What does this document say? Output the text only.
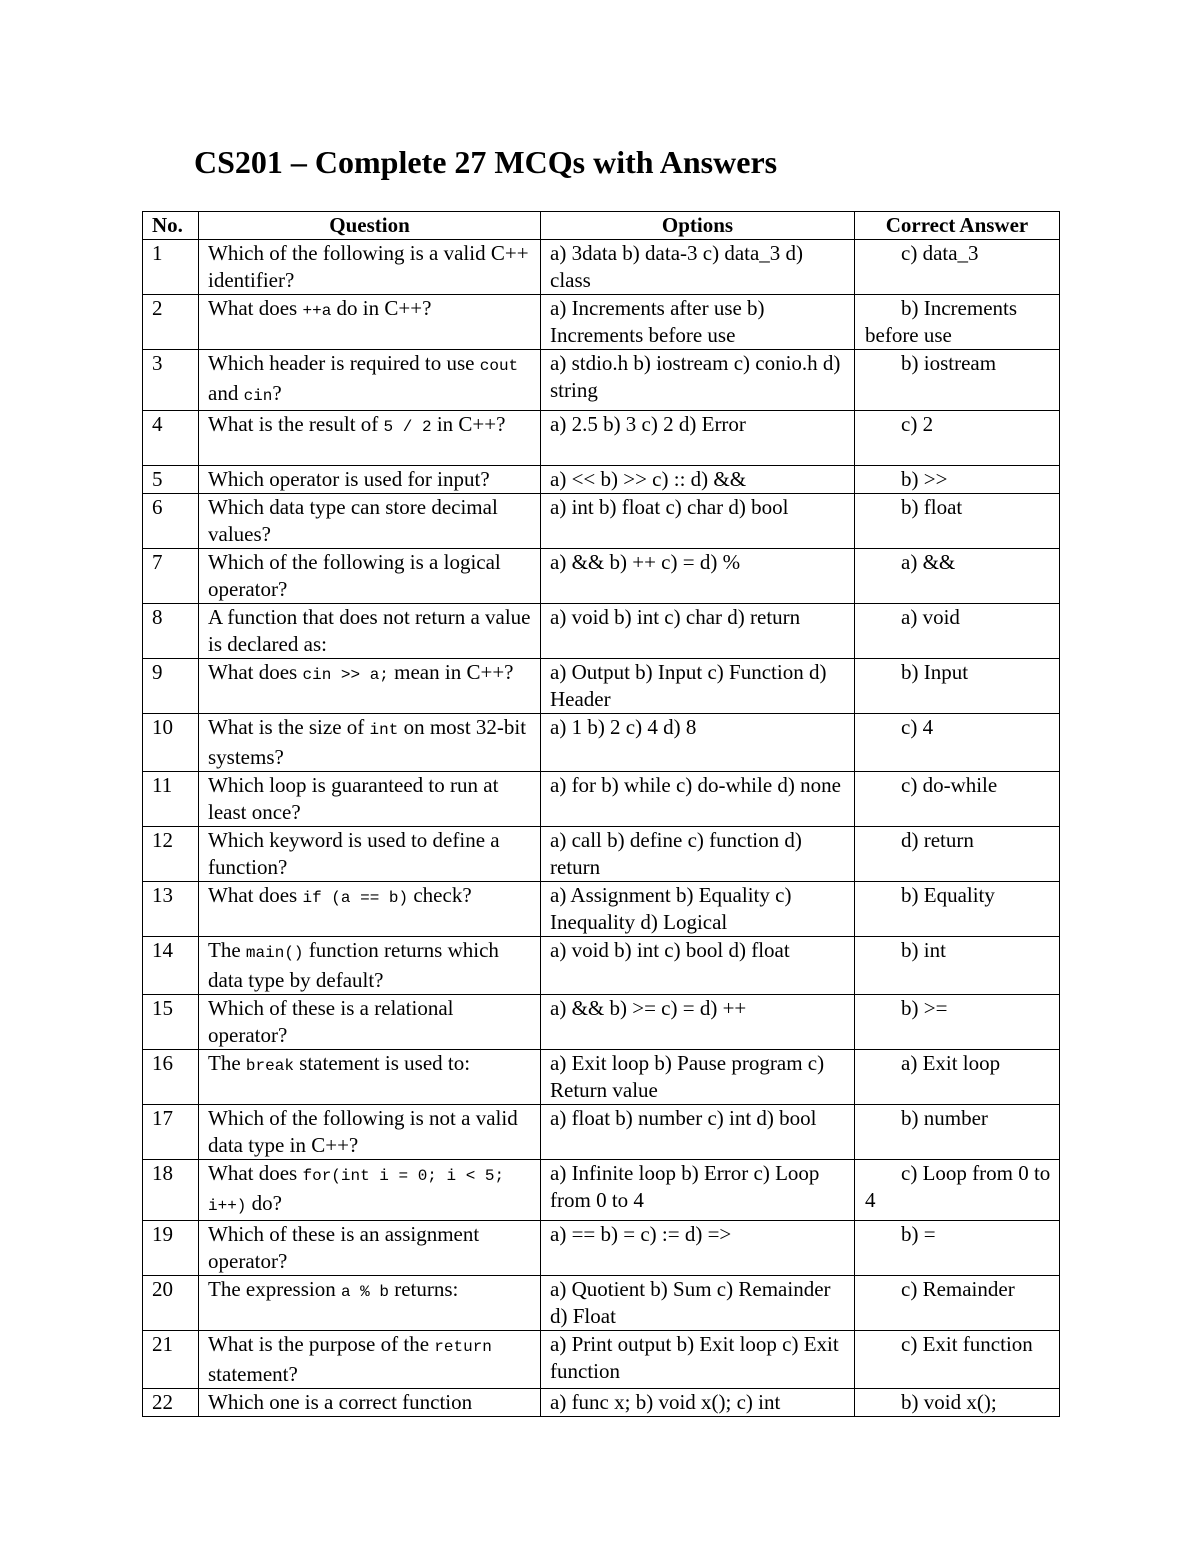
CS201 – Complete 27 MCQs with Answers
No.	Question	Options	Correct Answer
1	Which of the following is a valid C++ identifier?	a) 3data b) data-3 c) data_3 d) class	c) data_3
2	What does ++a do in C++?	a) Increments after use b) Increments before use	b) Increments before use
3	Which header is required to use cout and cin?	a) stdio.h b) iostream c) conio.h d) string	b) iostream
4	What is the result of 5 / 2 in C++?	a) 2.5 b) 3 c) 2 d) Error	c) 2
5	Which operator is used for input?	a) << b) >> c) :: d) &&	b) >>
6	Which data type can store decimal values?	a) int b) float c) char d) bool	b) float
7	Which of the following is a logical operator?	a) && b) ++ c) = d) %	a) &&
8	A function that does not return a value is declared as:	a) void b) int c) char d) return	a) void
9	What does cin >> a; mean in C++?	a) Output b) Input c) Function d) Header	b) Input
10	What is the size of int on most 32-bit systems?	a) 1 b) 2 c) 4 d) 8	c) 4
11	Which loop is guaranteed to run at least once?	a) for b) while c) do-while d) none	c) do-while
12	Which keyword is used to define a function?	a) call b) define c) function d) return	d) return
13	What does if (a == b) check?	a) Assignment b) Equality c) Inequality d) Logical	b) Equality
14	The main() function returns which data type by default?	a) void b) int c) bool d) float	b) int
15	Which of these is a relational operator?	a) && b) >= c) = d) ++	b) >=
16	The break statement is used to:	a) Exit loop b) Pause program c) Return value	a) Exit loop
17	Which of the following is not a valid data type in C++?	a) float b) number c) int d) bool	b) number
18	What does for(int i = 0; i < 5; i++) do?	a) Infinite loop b) Error c) Loop from 0 to 4	c) Loop from 0 to 4
19	Which of these is an assignment operator?	a) == b) = c) := d) =>	b) =
20	The expression a % b returns:	a) Quotient b) Sum c) Remainder d) Float	c) Remainder
21	What is the purpose of the return statement?	a) Print output b) Exit loop c) Exit function	c) Exit function
22	Which one is a correct function	a) func x; b) void x(); c) int	b) void x();
